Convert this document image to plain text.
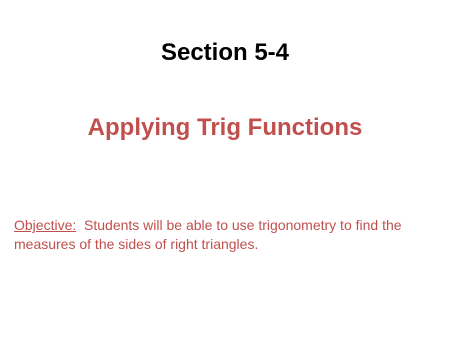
Section 5-4
Applying Trig Functions
Objective: Students will be able to use trigonometry to find the measures of the sides of right triangles.
